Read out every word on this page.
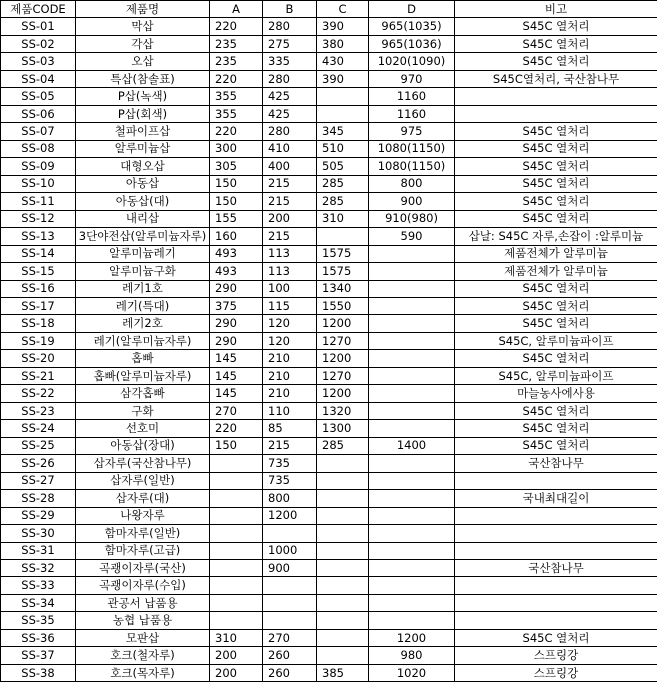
제품CODE	제품명	A	B	C	D	비고
SS-01	막삽	220	280	390	965(1035)	S45C 열처리
SS-02	각삽	235	275	380	965(1036)	S45C 열처리
SS-03	오삽	235	335	430	1020(1090)	S45C 열처리
SS-04	특삽(참솔표)	220	280	390	970	S45C열처리, 국산참나무
SS-05	P삽(녹색)	355	425		1160	
SS-06	P삽(회색)	355	425		1160	
SS-07	철파이프삽	220	280	345	975	S45C 열처리
SS-08	알루미늄삽	300	410	510	1080(1150)	S45C 열처리
SS-09	대형오삽	305	400	505	1080(1150)	S45C 열처리
SS-10	아동삽	150	215	285	800	S45C 열처리
SS-11	아동삽(대)	150	215	285	900	S45C 열처리
SS-12	내리삽	155	200	310	910(980)	S45C 열처리
SS-13	3단야전삽(알루미늄자루)	160	215		590	삽날: S45C 자루,손잡이 :알루미늄
SS-14	알루미늄레기	493	113	1575		제품전체가 알루미늄
SS-15	알루미늄구화	493	113	1575		제품전체가 알루미늄
SS-16	레기1호	290	100	1340		S45C 열처리
SS-17	레기(특대)	375	115	1550		S45C 열처리
SS-18	레기2호	290	120	1200		S45C 열처리
SS-19	레기(알루미늄자루)	290	120	1270		S45C, 알루미늄파이프
SS-20	홉빠	145	210	1200		S45C 열처리
SS-21	홉빠(알루미늄자루)	145	210	1270		S45C, 알루미늄파이프
SS-22	삼각홉빠	145	210	1200		마늘농사에사용
SS-23	구화	270	110	1320		S45C 열처리
SS-24	선호미	220	85	1300		S45C 열처리
SS-25	아동삽(장대)	150	215	285	1400	S45C 열처리
SS-26	삽자루(국산참나무)		735			국산참나무
SS-27	삽자루(일반)		735			
SS-28	삽자루(대)		800			국내최대길이
SS-29	나왕자루		1200			
SS-30	함마자루(일반)					
SS-31	함마자루(고급)		1000			
SS-32	곡괭이자루(국산)		900			국산참나무
SS-33	곡괭이자루(수입)					
SS-34	관공서 납품용					
SS-35	농협 납품용					
SS-36	모판삽	310	270		1200	S45C 열처리
SS-37	호크(철자루)	200	260		980	스프링강
SS-38	호크(목자루)	200	260	385	1020	스프링강
